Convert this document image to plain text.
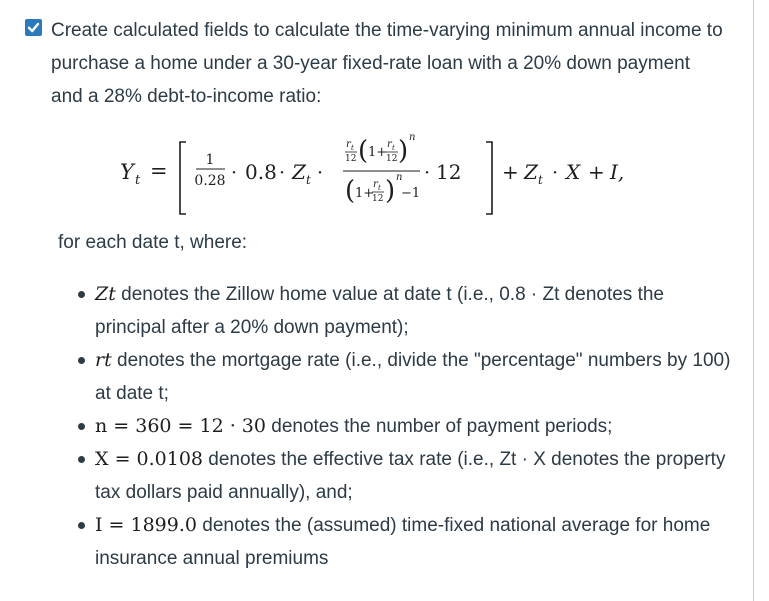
Create calculated fields to calculate the time-varying minimum annual income to purchase a home under a 30-year fixed-rate loan with a 20% down payment and a 28% debt-to-income ratio:
Y t =	1
0.28 · 0.8 · Z t ·
r t
12 ( 1+
r t
12 ) n
( 1+
r t
12 ) n
−1
· 12 + Z t · X + I,
for each date t, where:
Zt denotes the Zillow home value at date t (i.e., 0.8 · Zt denotes the principal after a 20% down payment);
rt denotes the mortgage rate (i.e., divide the "percentage" numbers by 100) at date t;
n = 360 = 12 · 30 denotes the number of payment periods;
X = 0.0108 denotes the effective tax rate (i.e., Zt · X denotes the property tax dollars paid annually), and;
I = 1899.0 denotes the (assumed) time-fixed national average for home insurance annual premiums
